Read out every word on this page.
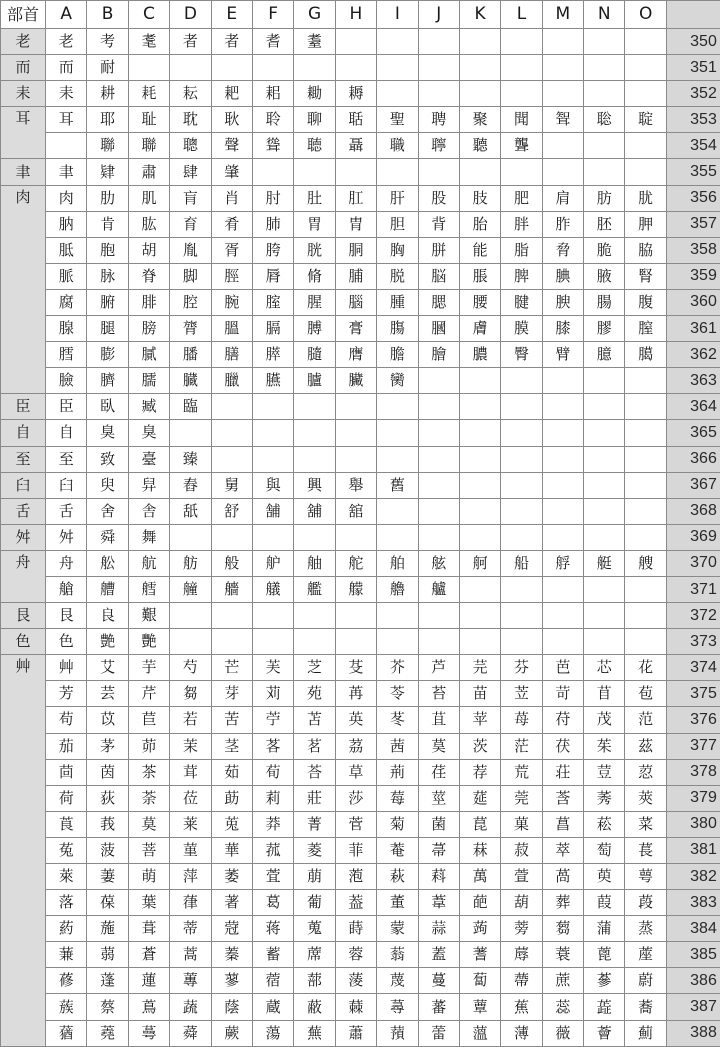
部首	A	B	C	D	E	F	G	H	I	J	K	L	M	N	O	
老	老	考	耄	者	者	耆	耋									350
而	而	耐														351
耒	耒	耕	耗	耘	耙	耜	耡	耨								352
耳	耳	耶	耻	耽	耿	聆	聊	聒	聖	聘	聚	聞	聟	聡	聢	353
		聯	聯	聰	聲	聳	聴	聶	職	聹	聽	聾				354
聿	聿	肄	肅	肆	肇											355
肉	肉	肋	肌	肓	肖	肘	肚	肛	肝	股	肢	肥	肩	肪	肬	356
	肭	肯	肱	育	肴	肺	胃	胄	胆	背	胎	胖	胙	胚	胛	357
	胝	胞	胡	胤	胥	胯	胱	胴	胸	胼	能	脂	脅	脆	脇	358
	脈	脉	脊	脚	脛	脣	脩	脯	脱	脳	脹	脾	腆	腋	腎	359
	腐	腑	腓	腔	腕	腟	腥	腦	腫	腮	腰	腱	腴	腸	腹	360
	腺	腿	膀	膂	膃	膈	膊	膏	膓	膕	膚	膜	膝	膠	膣	361
	膤	膨	膩	膰	膳	膵	膸	膺	膽	膾	膿	臀	臂	臆	臈	362
	臉	臍	臑	臓	臘	臙	臚	臟	臠							363
臣	臣	臥	臧	臨												364
自	自	臭	臭													365
至	至	致	臺	臻												366
臼	臼	臾	舁	舂	舅	與	興	舉	舊							367
舌	舌	舍	舎	舐	舒	舗	舖	舘								368
舛	舛	舜	舞													369
舟	舟	舩	航	舫	般	舮	舳	舵	舶	舷	舸	船	艀	艇	艘	370
	艙	艚	艝	艟	艢	艤	艦	艨	艪	艫						371
艮	艮	良	艱													372
色	色	艶	艷													373
艸	艸	艾	芋	芍	芒	芙	芝	芟	芥	芦	芫	芬	芭	芯	花	374
	芳	芸	芹	芻	芽	苅	苑	苒	苓	苔	苗	苙	苛	苜	苞	375
	苟	苡	苣	若	苦	苧	苫	英	苳	苴	苹	苺	苻	茂	范	376
	茄	茅	茆	茉	茎	茖	茗	茘	茜	茣	茨	茫	茯	茱	茲	377
	茴	茵	茶	茸	茹	荀	荅	草	荊	荏	荐	荒	荘	荳	荵	378
	荷	荻	荼	莅	莇	莉	莊	莎	莓	莖	莚	莞	莟	莠	莢	379
	莨	莪	莫	莱	莵	莽	菁	菅	菊	菌	菎	菓	菖	菘	菜	380
	菟	菠	菩	菫	華	菰	菱	菲	菴	菷	菻	菽	萃	萄	萇	381
	萊	萋	萌	萍	萎	萓	萠	萢	萩	萪	萬	萱	萵	萸	萼	382
	落	葆	葉	葎	著	葛	葡	葢	董	葦	葩	葫	葬	葭	葮	383
	葯	葹	葺	蒂	蒄	蒋	蒐	蒔	蒙	蒜	蒟	蒡	蒭	蒲	蒸	384
	蒹	蒻	蒼	蒿	蓁	蓄	蓆	蓉	蓊	蓋	蓍	蓐	蓑	蓖	蓙	385
	蓚	蓬	蓮	蓴	蓼	蓿	蔀	蔆	蔑	蔓	蔔	蔕	蔗	蔘	蔚	386
	蔟	蔡	蔦	蔬	蔭	蔵	蔽	蕀	蕁	蕃	蕈	蕉	蕊	蕋	蕎	387
	蕕	蕘	蕚	蕣	蕨	蕩	蕪	蕭	蕷	蕾	薀	薄	薇	薈	薊	388
